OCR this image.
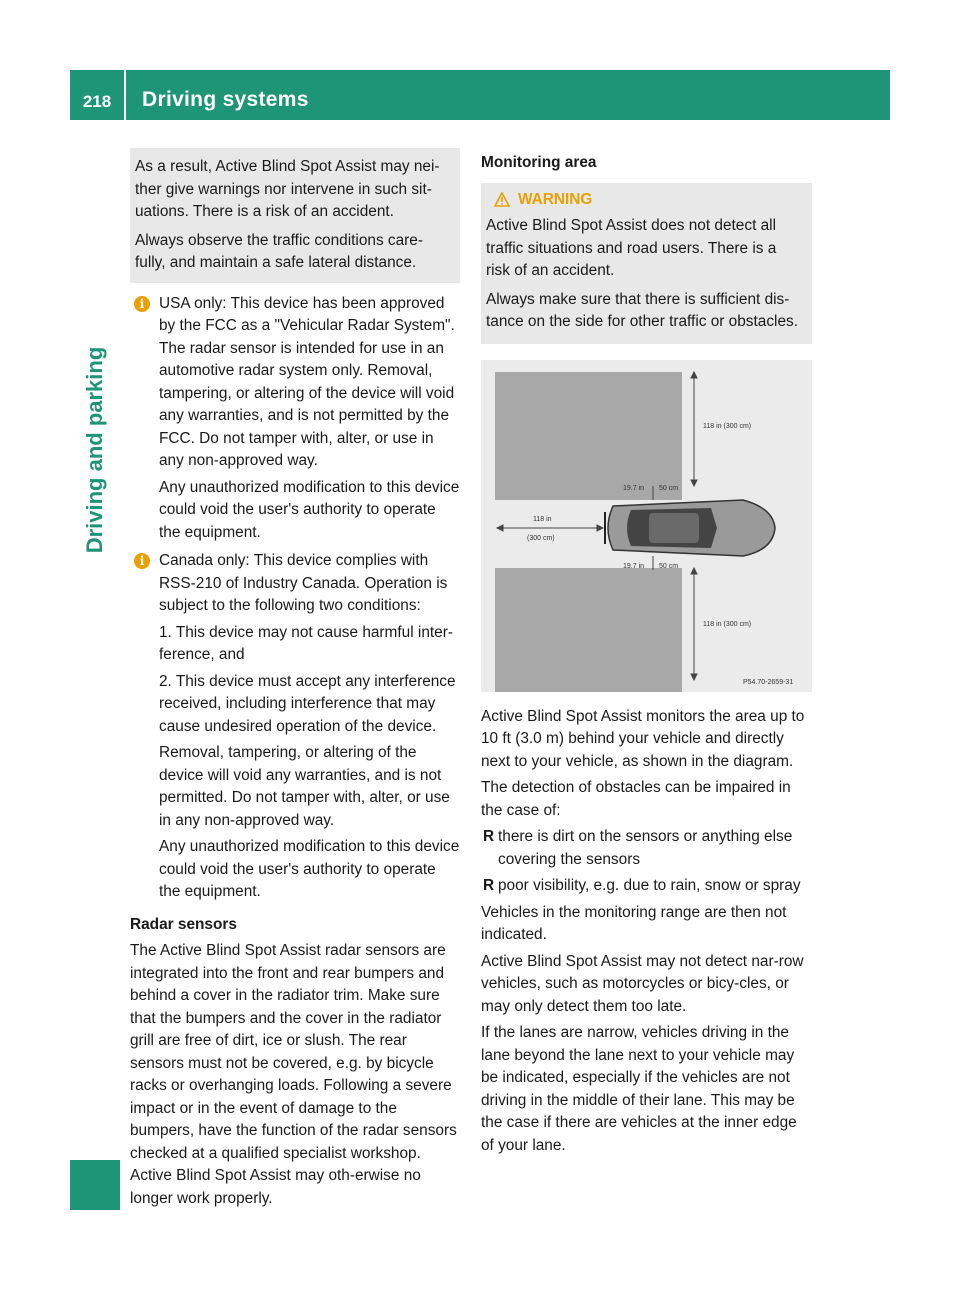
218	Driving systems
Driving and parking

As a result, Active Blind Spot Assist may nei-ther give warnings nor intervene in such sit-uations. There is a risk of an accident.

Always observe the traffic conditions care-fully, and maintain a safe lateral distance.

i USA only: This device has been approved by the FCC as a "Vehicular Radar System". The radar sensor is intended for use in an automotive radar system only. Removal, tampering, or altering of the device will void any warranties, and is not permitted by the FCC. Do not tamper with, alter, or use in any non-approved way.

Any unauthorized modification to this device could void the user's authority to operate the equipment.

i Canada only: This device complies with RSS-210 of Industry Canada. Operation is subject to the following two conditions:

1. This device may not cause harmful inter-ference, and

2. This device must accept any interference received, including interference that may cause undesired operation of the device.

Removal, tampering, or altering of the device will void any warranties, and is not permitted. Do not tamper with, alter, or use in any non-approved way.

Any unauthorized modification to this device could void the user's authority to operate the equipment.

Radar sensors

The Active Blind Spot Assist radar sensors are integrated into the front and rear bumpers and behind a cover in the radiator trim. Make sure that the bumpers and the cover in the radiator grill are free of dirt, ice or slush. The rear sensors must not be covered, e.g. by bicycle racks or overhanging loads. Following a severe impact or in the event of damage to the bumpers, have the function of the radar sensors checked at a qualified specialist workshop. Active Blind Spot Assist may oth-erwise no longer work properly.

Monitoring area
WARNING

Active Blind Spot Assist does not detect all traffic situations and road users. There is a risk of an accident.

Always make sure that there is sufficient dis-tance on the side for other traffic or obstacles.

118 in (300 cm)
19.7 in 50 cm
118 in
(300 cm)
19.7 in 50 cm
118 in (300 cm)
P54.70-2659-31

Active Blind Spot Assist monitors the area up to 10 ft (3.0 m) behind your vehicle and directly next to your vehicle, as shown in the diagram.

The detection of obstacles can be impaired in the case of:

R there is dirt on the sensors or anything else covering the sensors
R poor visibility, e.g. due to rain, snow or spray

Vehicles in the monitoring range are then not indicated.

Active Blind Spot Assist may not detect nar-row vehicles, such as motorcycles or bicy-cles, or may only detect them too late.

If the lanes are narrow, vehicles driving in the lane beyond the lane next to your vehicle may be indicated, especially if the vehicles are not driving in the middle of their lane. This may be the case if there are vehicles at the inner edge of your lane.
